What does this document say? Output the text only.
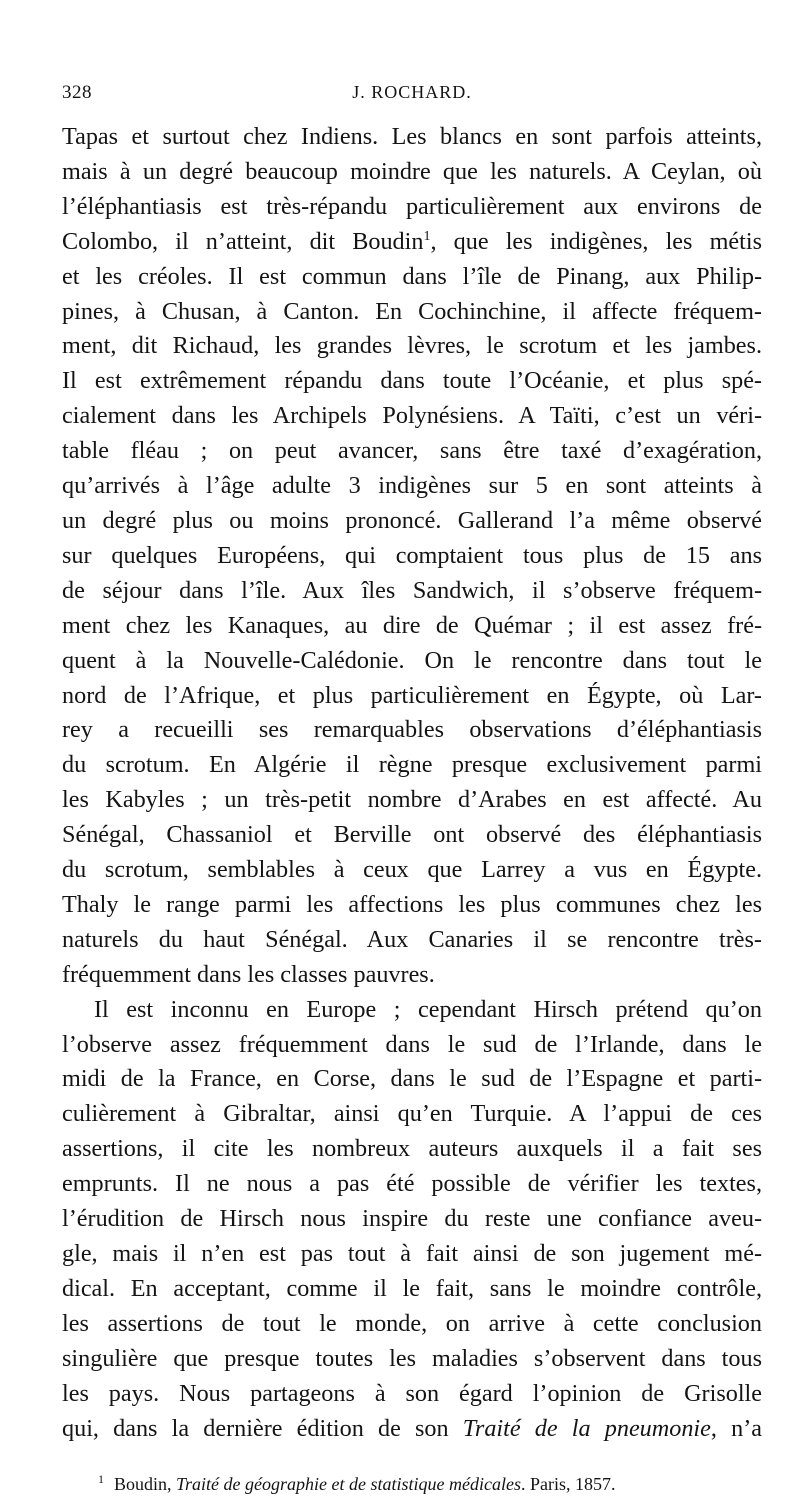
328	J. ROCHARD.

Tapas et surtout chez Indiens. Les blancs en sont parfois atteints,
mais à un degré beaucoup moindre que les naturels. A Ceylan, où
l’éléphantiasis est très-répandu particulièrement aux environs de
Colombo, il n’atteint, dit Boudin$^1$, que les indigènes, les métis
et les créoles. Il est commun dans l’île de Pinang, aux Philip-
pines, à Chusan, à Canton. En Cochinchine, il affecte fréquem-
ment, dit Richaud, les grandes lèvres, le scrotum et les jambes.
Il est extrêmement répandu dans toute l’Océanie, et plus spé-
cialement dans les Archipels Polynésiens. A Taïti, c’est un véri-
table fléau ; on peut avancer, sans être taxé d’exagération,
qu’arrivés à l’âge adulte 3 indigènes sur 5 en sont atteints à
un degré plus ou moins prononcé. Gallerand l’a même observé
sur quelques Européens, qui comptaient tous plus de 15 ans
de séjour dans l’île. Aux îles Sandwich, il s’observe fréquem-
ment chez les Kanaques, au dire de Quémar ; il est assez fré-
quent à la Nouvelle-Calédonie. On le rencontre dans tout le
nord de l’Afrique, et plus particulièrement en Égypte, où Lar-
rey a recueilli ses remarquables observations d’éléphantiasis
du scrotum. En Algérie il règne presque exclusivement parmi
les Kabyles ; un très-petit nombre d’Arabes en est affecté. Au
Sénégal, Chassaniol et Berville ont observé des éléphantiasis
du scrotum, semblables à ceux que Larrey a vus en Égypte.
Thaly le range parmi les affections les plus communes chez les
naturels du haut Sénégal. Aux Canaries il se rencontre très-
fréquemment dans les classes pauvres.

Il est inconnu en Europe ; cependant Hirsch prétend qu’on
l’observe assez fréquemment dans le sud de l’Irlande, dans le
midi de la France, en Corse, dans le sud de l’Espagne et parti-
culièrement à Gibraltar, ainsi qu’en Turquie. A l’appui de ces
assertions, il cite les nombreux auteurs auxquels il a fait ses
emprunts. Il ne nous a pas été possible de vérifier les textes,
l’érudition de Hirsch nous inspire du reste une confiance aveu-
gle, mais il n’en est pas tout à fait ainsi de son jugement mé-
dical. En acceptant, comme il le fait, sans le moindre contrôle,
les assertions de tout le monde, on arrive à cette conclusion
singulière que presque toutes les maladies s’observent dans tous
les pays. Nous partageons à son égard l’opinion de Grisolle
qui, dans la dernière édition de son Traité de la pneumonie, n’a

$^1$ Boudin, Traité de géographie et de statistique médicales. Paris, 1857.
